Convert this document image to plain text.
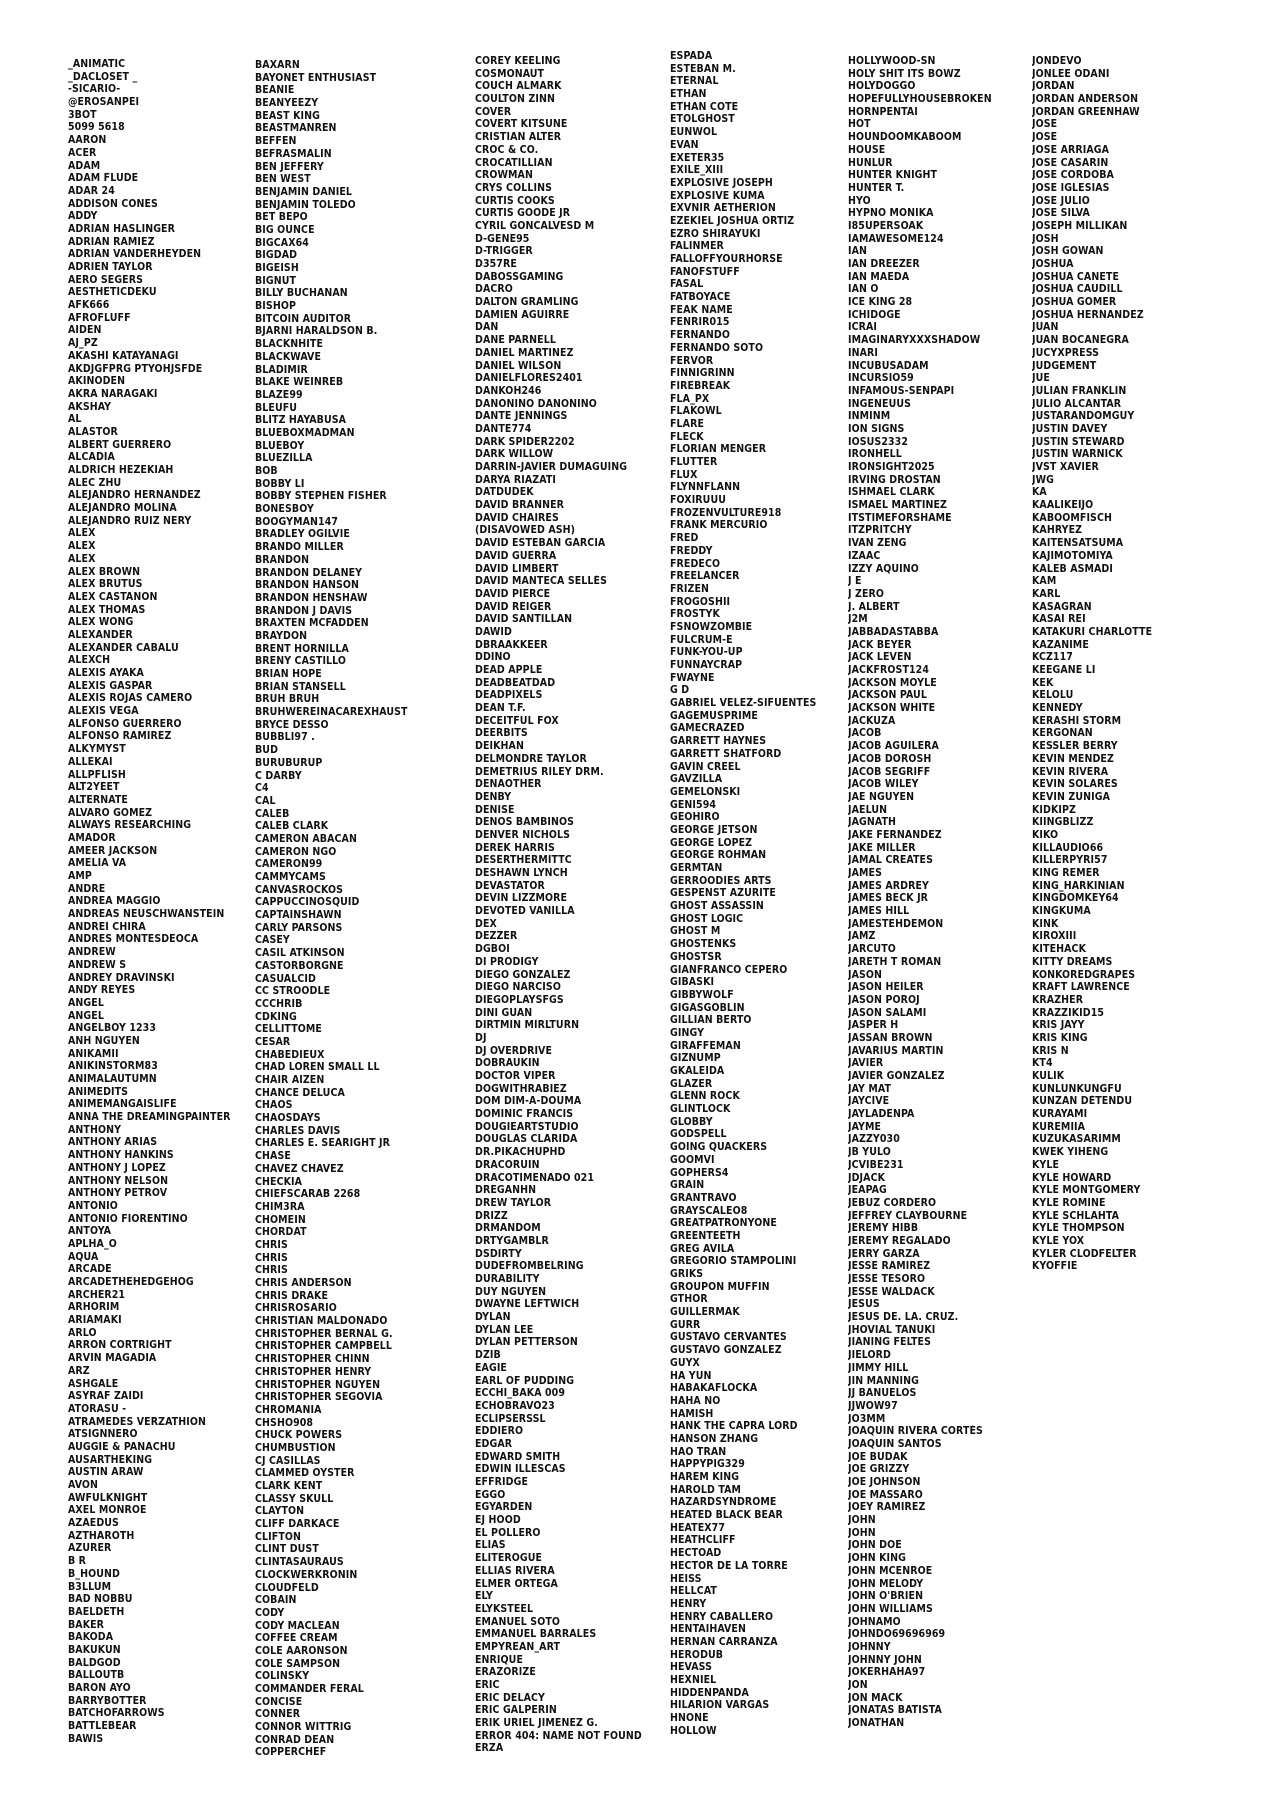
_ANIMATIC
_DACLOSET _
-SICARIO-
@EROSANPEI
3BOT
5099 5618
AARON
ACER
ADAM
ADAM FLUDE
ADAR 24
ADDISON CONES
ADDY
ADRIAN HASLINGER
ADRIAN RAMIEZ
ADRIAN VANDERHEYDEN
ADRIEN TAYLOR
AERO SEGERS
AESTHETICDEKU
AFK666
AFROFLUFF
AIDEN
AJ_PZ
AKASHI KATAYANAGI
AKDJGFPRG PTYOHJSFDE
AKINODEN
AKRA NARAGAKI
AKSHAY
AL
ALASTOR
ALBERT GUERRERO
ALCADIA
ALDRICH HEZEKIAH
ALEC ZHU
ALEJANDRO HERNANDEZ
ALEJANDRO MOLINA
ALEJANDRO RUIZ NERY
ALEX
ALEX
ALEX
ALEX BROWN
ALEX BRUTUS
ALEX CASTANON
ALEX THOMAS
ALEX WONG
ALEXANDER
ALEXANDER CABALU
ALEXCH
ALEXIS AYAKA
ALEXIS GASPAR
ALEXIS ROJAS CAMERO
ALEXIS VEGA
ALFONSO GUERRERO
ALFONSO RAMIREZ
ALKYMYST
ALLEKAI
ALLPFLISH
ALT2YEET
ALTERNATE
ALVARO GOMEZ
ALWAYS RESEARCHING
AMADOR
AMEER JACKSON
AMELIA VA
AMP
ANDRE
ANDREA MAGGIO
ANDREAS NEUSCHWANSTEIN
ANDREI CHIRA
ANDRES MONTESDEOCA
ANDREW
ANDREW S
ANDREY DRAVINSKI
ANDY REYES
ANGEL
ANGEL
ANGELBOY 1233
ANH NGUYEN
ANIKAMII
ANIKINSTORM83
ANIMALAUTUMN
ANIMEDITS
ANIMEMANGAISLIFE
ANNA THE DREAMINGPAINTER
ANTHONY
ANTHONY ARIAS
ANTHONY HANKINS
ANTHONY J LOPEZ
ANTHONY NELSON
ANTHONY PETROV
ANTONIO
ANTONIO FIORENTINO
ANTOYA
APLHA_O
AQUA
ARCADE
ARCADETHEHEDGEHOG
ARCHER21
ARHORIM
ARIAMAKI
ARLO
ARRON CORTRIGHT
ARVIN MAGADIA
ARZ
ASHGALE
ASYRAF ZAIDI
ATORASU -
ATRAMEDES VERZATHION
ATSIGNNERO
AUGGIE & PANACHU
AUSARTHEKING
AUSTIN ARAW
AVON
AWFULKNIGHT
AXEL MONROE
AZAEDUS
AZTHAROTH
AZURER
B R
B_HOUND
B3LLUM
BAD NOBBU
BAELDETH
BAKER
BAKODA
BAKUKUN
BALDGOD
BALLOUTB
BARON AYO
BARRYBOTTER
BATCHOFARROWS
BATTLEBEAR
BAWIS
BAXARN
BAYONET ENTHUSIAST
BEANIE
BEANYEEZY
BEAST KING
BEASTMANREN
BEFFEN
BEFRASMALIN
BEN JEFFERY
BEN WEST
BENJAMIN DANIEL
BENJAMIN TOLEDO
BET BEPO
BIG OUNCE
BIGCAX64
BIGDAD
BIGEISH
BIGNUT
BILLY BUCHANAN
BISHOP
BITCOIN AUDITOR
BJARNI HARALDSON B.
BLACKNHITE
BLACKWAVE
BLADIMIR
BLAKE WEINREB
BLAZE99
BLEUFU
BLITZ HAYABUSA
BLUEBOXMADMAN
BLUEBOY
BLUEZILLA
BOB
BOBBY LI
BOBBY STEPHEN FISHER
BONESBOY
BOOGYMAN147
BRADLEY OGILVIE
BRANDO MILLER
BRANDON
BRANDON DELANEY
BRANDON HANSON
BRANDON HENSHAW
BRANDON J DAVIS
BRAXTEN MCFADDEN
BRAYDON
BRENT HORNILLA
BRENY CASTILLO
BRIAN HOPE
BRIAN STANSELL
BRUH BRUH
BRUHWEREINACAREXHAUST
BRYCE DESSO
BUBBLI97 .
BUD
BURUBURUP
C DARBY
C4
CAL
CALEB
CALEB CLARK
CAMERON ABACAN
CAMERON NGO
CAMERON99
CAMMYCAMS
CANVASROCKOS
CAPPUCCINOSQUID
CAPTAINSHAWN
CARLY PARSONS
CASEY
CASIL ATKINSON
CASTORBORGNE
CASUALCID
CC STROODLE
CCCHRIB
CDKING
CELLITTOME
CESAR
CHABEDIEUX
CHAD LOREN SMALL LL
CHAIR AIZEN
CHANCE DELUCA
CHAOS
CHAOSDAYS
CHARLES DAVIS
CHARLES E. SEARIGHT JR
CHASE
CHAVEZ CHAVEZ
CHECKIA
CHIEFSCARAB 2268
CHIM3RA
CHOMEIN
CHORDAT
CHRIS
CHRIS
CHRIS
CHRIS ANDERSON
CHRIS DRAKE
CHRISROSARIO
CHRISTIAN MALDONADO
CHRISTOPHER BERNAL G.
CHRISTOPHER CAMPBELL
CHRISTOPHER CHINN
CHRISTOPHER HENRY
CHRISTOPHER NGUYEN
CHRISTOPHER SEGOVIA
CHROMANIA
CHSHO908
CHUCK POWERS
CHUMBUSTION
CJ CASILLAS
CLAMMED OYSTER
CLARK KENT
CLASSY SKULL
CLAYTON
CLIFF DARKACE
CLIFTON
CLINT DUST
CLINTASAURAUS
CLOCKWERKRONIN
CLOUDFELD
COBAIN
CODY
CODY MACLEAN
COFFEE CREAM
COLE AARONSON
COLE SAMPSON
COLINSKY
COMMANDER FERAL
CONCISE
CONNER
CONNOR WITTRIG
CONRAD DEAN
COPPERCHEF
COREY KEELING
COSMONAUT
COUCH ALMARK
COULTON ZINN
COVER
COVERT KITSUNE
CRISTIAN ALTER
CROC & CO.
CROCATILLIAN
CROWMAN
CRYS COLLINS
CURTIS COOKS
CURTIS GOODE JR
CYRIL GONCALVESD M
D-GENE95
D-TRIGGER
D357RE
DABOSSGAMING
DACRO
DALTON GRAMLING
DAMIEN AGUIRRE
DAN
DANE PARNELL
DANIEL MARTINEZ
DANIEL WILSON
DANIELFLORES2401
DANKOH246
DANONINO DANONINO
DANTE JENNINGS
DANTE774
DARK SPIDER2202
DARK WILLOW
DARRIN-JAVIER DUMAGUING
DARYA RIAZATI
DATDUDEK
DAVID BRANNER
DAVID CHAIRES
(DISAVOWED ASH)
DAVID ESTEBAN GARCIA
DAVID GUERRA
DAVID LIMBERT
DAVID MANTECA SELLÉS
DAVID PIERCE
DAVID REIGER
DAVID SANTILLAN
DAWID
DBRAAKKEER
DDINO
DEAD APPLE
DEADBEATDAD
DEADPIXELS
DEAN T.F.
DECEITFUL FOX
DEERBITS
DEIKHAN
DELMONDRE TAYLOR
DEMETRIUS RILEY DRM.
DENAOTHER
DENBY
DENISE
DENOS BAMBINOS
DENVER NICHOLS
DEREK HARRIS
DESERTHERMITTC
DESHAWN LYNCH
DEVASTATOR
DEVIN LIZZMORE
DEVOTED VANILLA
DEX
DEZZER
DGBOI
DI PRODIGY
DIEGO GONZALEZ
DIEGO NARCISO
DIEGOPLAYSFGS
DINI GUAN
DIRTMIN MIRLTURN
DJ
DJ OVERDRIVE
DOBRAUKIN
DOCTOR VIPER
DOGWITHRABIEZ
DOM DIM-A-DOUMA
DOMINIC FRANCIS
DOUGIEARTSTUDIO
DOUGLAS CLARIDA
DR.PIKACHUPHD
DRACORUIN
DRACOTIMENADO 021
DREGANHN
DREW TAYLOR
DRIZZ
DRMANDOM
DRTYGAMBLR
DSDIRTY
DUDEFROMBELRING
DURABILITY
DUY NGUYEN
DWAYNE LEFTWICH
DYLAN
DYLAN LEE
DYLAN PETTERSON
DZIB
EAGIE
EARL OF PUDDING
ECCHI_BAKA 009
ECHOBRAVO23
ECLIPSERSSL
EDDIERO
EDGAR
EDWARD SMITH
EDWIN ILLESCAS
EFFRIDGE
EGGO
EGYARDEN
EJ HOOD
EL POLLERO
ELIAS
ELITEROGUE
ELLIAS RIVERA
ELMER ORTEGA
ELY
ELYKSTEEL
EMANUEL SOTO
EMMANUEL BARRALES
EMPYREAN_ART
ENRIQUE
ERAZORIZE
ERIC
ERIC DELACY
ERIC GALPERIN
ERIK URIEL JIMENEZ G.
ERROR 404: NAME NOT FOUND
ERZA
ESPADA
ESTEBAN M.
ETERNAL
ETHAN
ETHAN COTE
ETOLGHOST
EUNWOL
EVAN
EXETER35
EXILE_XIII
EXPLOSIVE JOSEPH
EXPLOSIVE KUMA
EXVNIR AETHERION
EZEKIEL JOSHUA ORTIZ
EZRO SHIRAYUKI
FALINMER
FALLOFFYOURHORSE
FANOFSTUFF
FASAL
FATBOYACE
FEAK NAME
FENRIR015
FERNANDO
FERNANDO SOTO
FERVOR
FINNIGRINN
FIREBREAK
FLA_PX
FLAKOWL
FLARE
FLECK
FLORIAN MENGER
FLUTTER
FLUX
FLYNNFLANN
FOXIRUUU
FROZENVULTURE918
FRANK MERCURIO
FRED
FREDDY
FREDECO
FREELANCER
FRIZEN
FROGOSHII
FROSTYK
FSNOWZOMBIE
FULCRUM-E
FUNK-YOU-UP
FUNNAYCRAP
FWAYNE
G D
GABRIEL VELEZ-SIFUENTES
GAGEMUSPRIME
GAMECRAZED
GARRETT HAYNES
GARRETT SHATFORD
GAVIN CREEL
GAVZILLA
GEMELONSKI
GENI594
GEOHIRO
GEORGE JETSON
GEORGE LOPEZ
GEORGE ROHMAN
GERMTAN
GERROODIES ARTS
GESPENST AZURITE
GHOST ASSASSIN
GHOST LOGIC
GHOST M
GHOSTENKS
GHOSTSR
GIANFRANCO CEPERO
GIBASKI
GIBBYWOLF
GIGASGOBLIN
GILLIAN BERTO
GINGY
GIRAFFEMAN
GIZNUMP
GKALEIDA
GLAZER
GLENN ROCK
GLINTLOCK
GLOBBY
GODSPELL
GOING QUACKERS
GOOMVI
GOPHERS4
GRAIN
GRANTRAVO
GRAYSCALEO8
GREATPATRONYONE
GREENTEETH
GREG AVILA
GREGORIO STAMPOLINI
GRIKS
GROUPON MUFFIN
GTHOR
GUILLERMAK
GURR
GUSTAVO CERVANTES
GUSTAVO GONZALEZ
GUYX
HA YUN
HABAKAFLOCKA
HAHA NO
HAMISH
HANK THE CAPRA LORD
HANSON ZHANG
HAO TRAN
HAPPYPIG329
HAREM KING
HAROLD TAM
HAZARDSYNDROME
HEATED BLACK BEAR
HEATEX77
HEATHCLIFF
HECTOAD
HECTOR DE LA TORRE
HEISS
HELLCAT
HENRY
HENRY CABALLERO
HENTAIHAVEN
HERNAN CARRANZA
HERODUB
HEVASS
HEXNIEL
HIDDENPANDA
HILARION VARGAS
HNONE
HOLLOW
HOLLYWOOD-SN
HOLY SHIT ITS BOWZ
HOLYDOGGO
HOPEFULLYHOUSEBROKEN
HORNPENTAI
HOT
HOUNDOOMKABOOM
HOUSE
HUNLUR
HUNTER KNIGHT
HUNTER T.
HYO
HYPNO MONIKA
I85UPERSOAK
IAMAWESOME124
IAN
IAN DREEZER
IAN MAEDA
IAN O
ICE KING 28
ICHIDOGE
ICRAI
IMAGINARYXXXSHADOW
INARI
INCUBUSADAM
INCURSIO59
INFAMOUS-SENPAPI
INGENEUUS
INMINM
ION SIGNS
IOSUS2332
IRONHELL
IRONSIGHT2025
IRVING DROSTAN
ISHMAEL CLARK
ISMAEL MARTINEZ
ITSTIMEFORSHAME
ITZPRITCHY
IVAN ZENG
IZAAC
IZZY AQUINO
J E
J ZERO
J. ALBERT
J2M
JABBADASTABBA
JACK BEYER
JACK LEVEN
JACKFROST124
JACKSON MOYLE
JACKSON PAUL
JACKSON WHITE
JACKUZA
JACOB
JACOB AGUILERA
JACOB DOROSH
JACOB SEGRIFF
JACOB WILEY
JAE NGUYEN
JAELUN
JAGNATH
JAKE FERNANDEZ
JAKE MILLER
JAMAL CREATES
JAMES
JAMES ARDREY
JAMES BECK JR
JAMES HILL
JAMESTEHDEMON
JAMZ
JARCUTO
JARETH T ROMAN
JASON
JASON HEILER
JASON POROJ
JASON SALAMI
JASPER H
JASSAN BROWN
JAVARIUS MARTIN
JAVIER
JAVIER GONZALEZ
JAY MAT
JAYCIVE
JAYLADENPA
JAYME
JAZZY030
JB YULO
JCVIBE231
JDJACK
JEAPAG
JEBUZ CORDERO
JEFFREY CLAYBOURNE
JEREMY HIBB
JEREMY REGALADO
JERRY GARZA
JESSE RAMIREZ
JESSE TESORO
JESSE WALDACK
JESUS
JESUS DE. LA. CRUZ.
JHOVIAL TANUKI
JIANING FELTES
JIELORD
JIMMY HILL
JIN MANNING
JJ BANUELOS
JJWOW97
JO3MM
JOAQUIN RIVERA CORTÉS
JOAQUIN SANTOS
JOE BUDAK
JOE GRIZZY
JOE JOHNSON
JOE MASSARO
JOEY RAMIREZ
JOHN
JOHN
JOHN DOE
JOHN KING
JOHN MCENROE
JOHN MELODY
JOHN O'BRIEN
JOHN WILLIAMS
JOHNAMO
JOHNDO69696969
JOHNNY
JOHNNY JOHN
JOKERHAHA97
JON
JON MACK
JONATAS BATISTA
JONATHAN
JONDEVO
JONLEE ODANI
JORDAN
JORDAN ANDERSON
JORDAN GREENHAW
JOSE
JOSE
JOSE ARRIAGA
JOSE CASARIN
JOSE CORDOBA
JOSE IGLESIAS
JOSE JULIO
JOSE SILVA
JOSEPH MILLIKAN
JOSH
JOSH GOWAN
JOSHUA
JOSHUA CANETE
JOSHUA CAUDILL
JOSHUA GOMER
JOSHUA HERNANDEZ
JUAN
JUAN BOCANEGRA
JUCYXPRESS
JUDGEMENT
JUE
JULIAN FRANKLIN
JULIO ALCANTAR
JUSTARANDOMGUY
JUSTIN DAVEY
JUSTIN STEWARD
JUSTIN WARNICK
JVST XAVIER
JWG
KA
KAALIKEIJO
KABOOMFISCH
KAHRYEZ
KAITENSATSUMA
KAJIMOTOMIYA
KALEB ASMADI
KAM
KARL
KASAGRAN
KASAI REI
KATAKURI CHARLOTTE
KAZANIME
KCZ117
KEEGANE LI
KEK
KELOLU
KENNEDY
KERASHI STORM
KERGONAN
KESSLER BERRY
KEVIN MENDEZ
KEVIN RIVERA
KEVIN SOLARES
KEVIN ZUNIGA
KIDKIPZ
KIINGBLIZZ
KIKO
KILLAUDIO66
KILLERPYRI57
KING REMER
KING_HARKINIAN
KINGDOMKEY64
KINGKUMA
KINK
KIROXIII
KITEHACK
KITTY DREAMS
KONKOREDGRAPES
KRAFT LAWRENCE
KRAZHER
KRAZZIKID15
KRIS JAYY
KRIS KING
KRIS N
KT4
KULIK
KUNLUNKUNGFU
KUNZAN DÉTENDU
KURAYAMI
KUREMIIA
KUZUKASARIMM
KWEK YIHENG
KYLE
KYLE HOWARD
KYLE MONTGOMERY
KYLE ROMINE
KYLE SCHLAHTA
KYLE THOMPSON
KYLE YOX
KYLER CLODFELTER
KYOFFIE
